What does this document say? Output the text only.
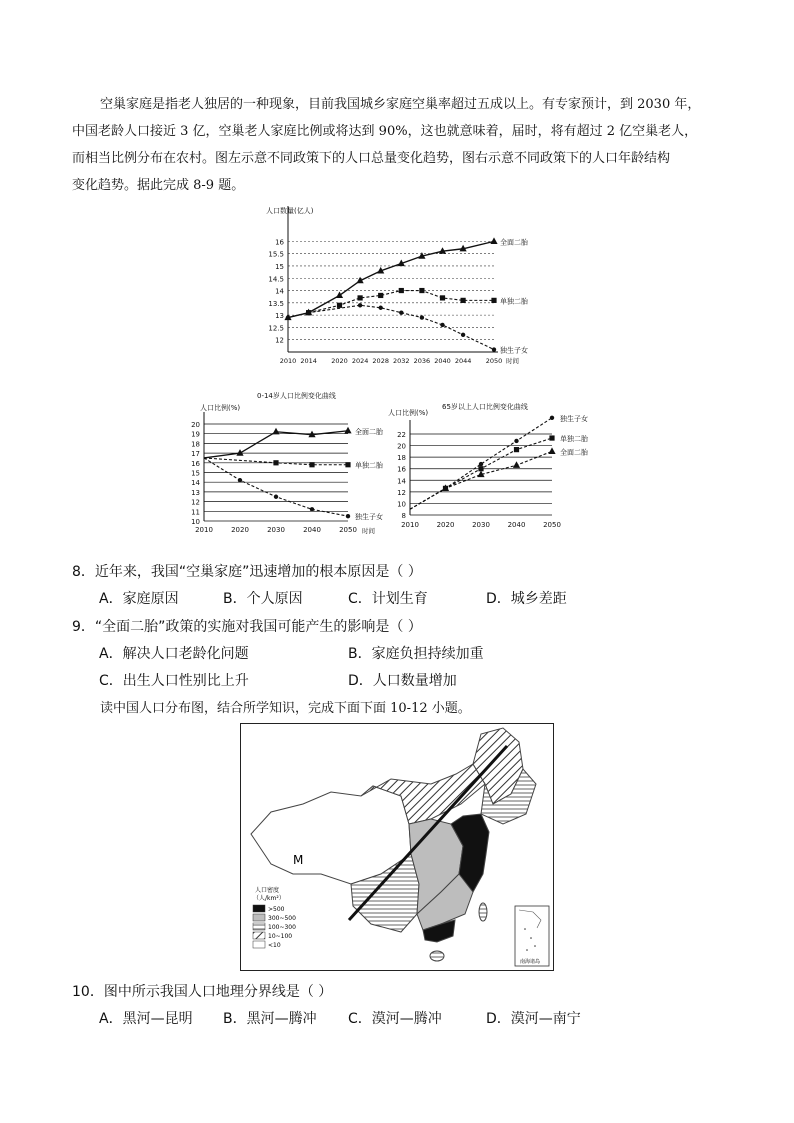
空巢家庭是指老人独居的一种现象，目前我国城乡家庭空巢率超过五成以上。有专家预计，到 2030 年，

中国老龄人口接近 3 亿，空巢老人家庭比例或将达到 90%，这也就意味着，届时，将有超过 2 亿空巢老人，

而相当比例分布在农村。图左示意不同政策下的人口总量变化趋势，图右示意不同政策下的人口年龄结构

变化趋势。据此完成 8-9 题。

人口数量(亿人)
16
15.5
15
14.5
14
13.5
13
12.5
12
2010 2014 2020 2024 2028 2032 2036 2040 2044 2050 时间
全面二胎
单独二胎
独生子女
0-14岁人口比例变化曲线
人口比例(%)
20
19
18
17
16
15
14
13
12
11
10
2010	2020	2030	2040	2050 时间
全面二胎
单独二胎
独生子女
65岁以上人口比例变化曲线
人口比例(%)
22
20
18
16
14
12
10
8
2010	2020	2030	2040	2050
独生子女
单独二胎
全面二胎
8．近年来，我国“空巢家庭”迅速增加的根本原因是（ ）
A．家庭原因	B．个人原因	C．计划生育	D．城乡差距
9．“全面二胎”政策的实施对我国可能产生的影响是（ ）
A．解决人口老龄化问题	B．家庭负担持续加重
C．出生人口性别比上升	D．人口数量增加
读中国人口分布图，结合所学知识，完成下面下面 10-12 小题。
M
人口密度
（人/km²）
>500
300~500
100~300
10~100
<10
南海诸岛
10．图中所示我国人口地理分界线是（ ）
A．黑河—昆明 B．黑河—腾冲 C．漠河—腾冲	D．漠河—南宁
